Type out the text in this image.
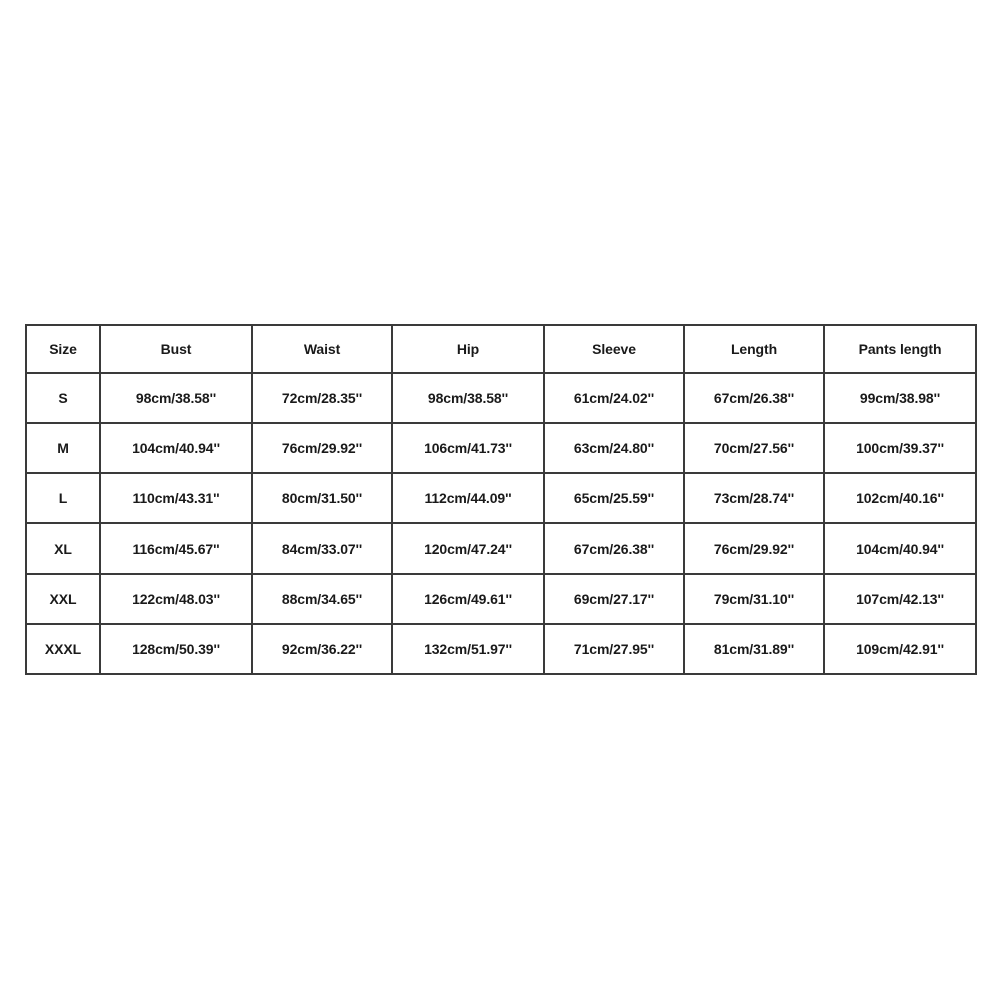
Size	Bust	Waist	Hip	Sleeve	Length	Pants length
S	98cm/38.58''	72cm/28.35''	98cm/38.58''	61cm/24.02''	67cm/26.38''	99cm/38.98''
M	104cm/40.94''	76cm/29.92''	106cm/41.73''	63cm/24.80''	70cm/27.56''	100cm/39.37''
L	110cm/43.31''	80cm/31.50''	112cm/44.09''	65cm/25.59''	73cm/28.74''	102cm/40.16''
XL	116cm/45.67''	84cm/33.07''	120cm/47.24''	67cm/26.38''	76cm/29.92''	104cm/40.94''
XXL	122cm/48.03''	88cm/34.65''	126cm/49.61''	69cm/27.17''	79cm/31.10''	107cm/42.13''
XXXL	128cm/50.39''	92cm/36.22''	132cm/51.97''	71cm/27.95''	81cm/31.89''	109cm/42.91''
